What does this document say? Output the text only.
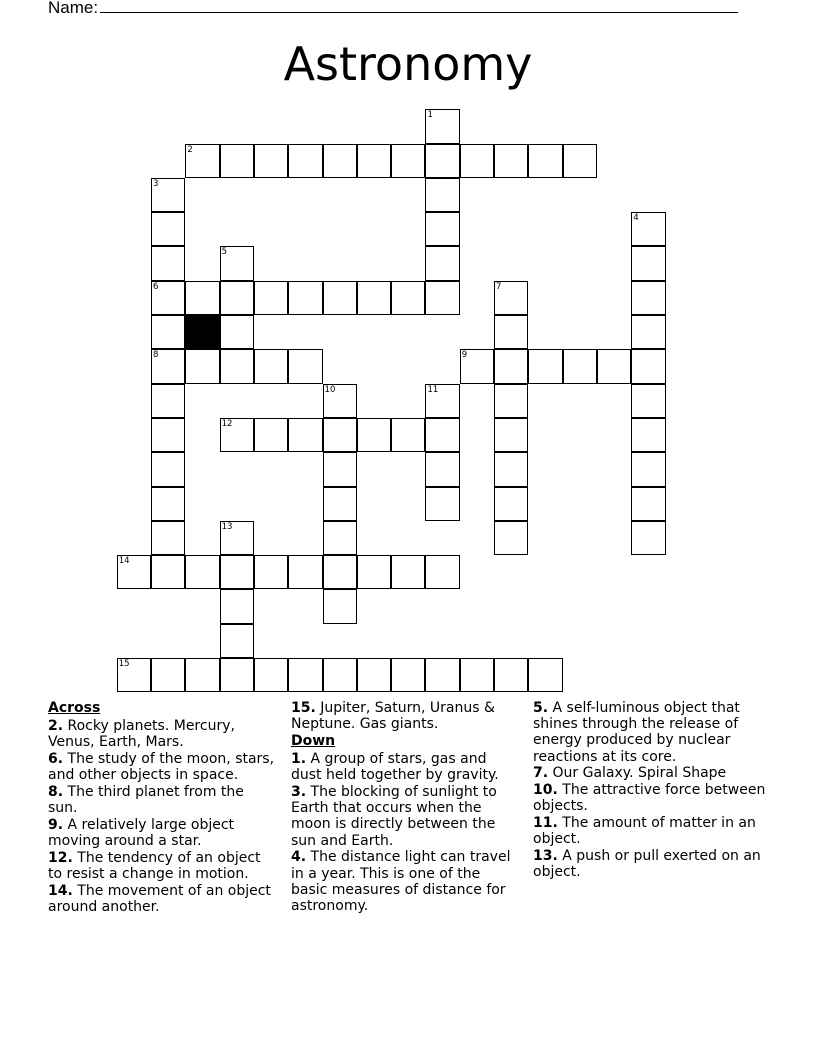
Name:
Astronomy
1
2
3
4
5
6	7
8	9
10	11
12
13
14
15
Across
2. Rocky planets. Mercury, Venus, Earth, Mars.
6. The study of the moon, stars, and other objects in space.
8. The third planet from the sun.
9. A relatively large object moving around a star.
12. The tendency of an object to resist a change in motion.
14. The movement of an object around another.
15. Jupiter, Saturn, Uranus & Neptune. Gas giants.
Down
1. A group of stars, gas and dust held together by gravity.
3. The blocking of sunlight to Earth that occurs when the moon is directly between the sun and Earth.
4. The distance light can travel in a year. This is one of the basic measures of distance for astronomy.
5. A self-luminous object that shines through the release of energy produced by nuclear reactions at its core.
7. Our Galaxy. Spiral Shape
10. The attractive force between objects.
11. The amount of matter in an object.
13. A push or pull exerted on an object.
